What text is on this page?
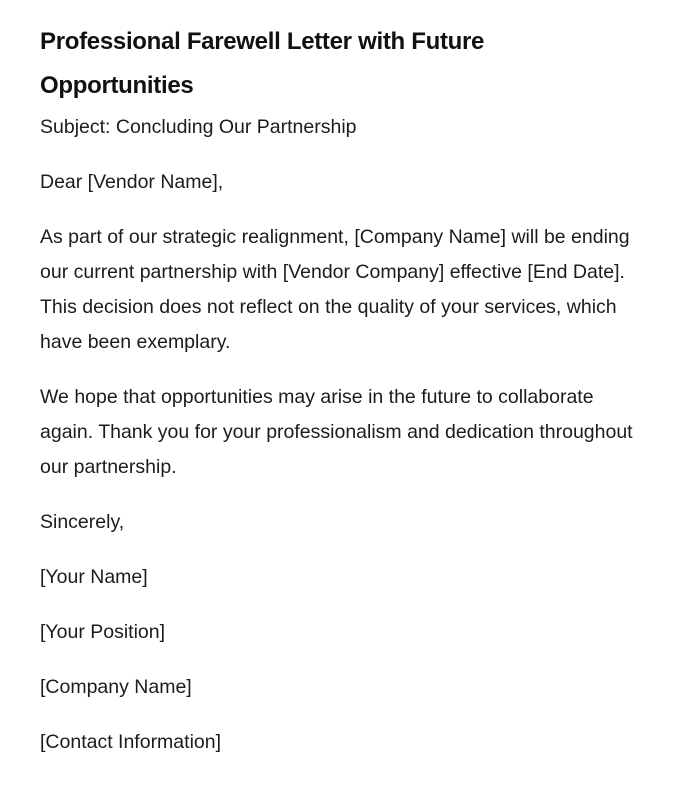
Professional Farewell Letter with Future Opportunities

Subject: Concluding Our Partnership

Dear [Vendor Name],

As part of our strategic realignment, [Company Name] will be ending our current partnership with [Vendor Company] effective [End Date]. This decision does not reflect on the quality of your services, which have been exemplary.

We hope that opportunities may arise in the future to collaborate again. Thank you for your professionalism and dedication throughout our partnership.

Sincerely,

[Your Name]

[Your Position]

[Company Name]

[Contact Information]
